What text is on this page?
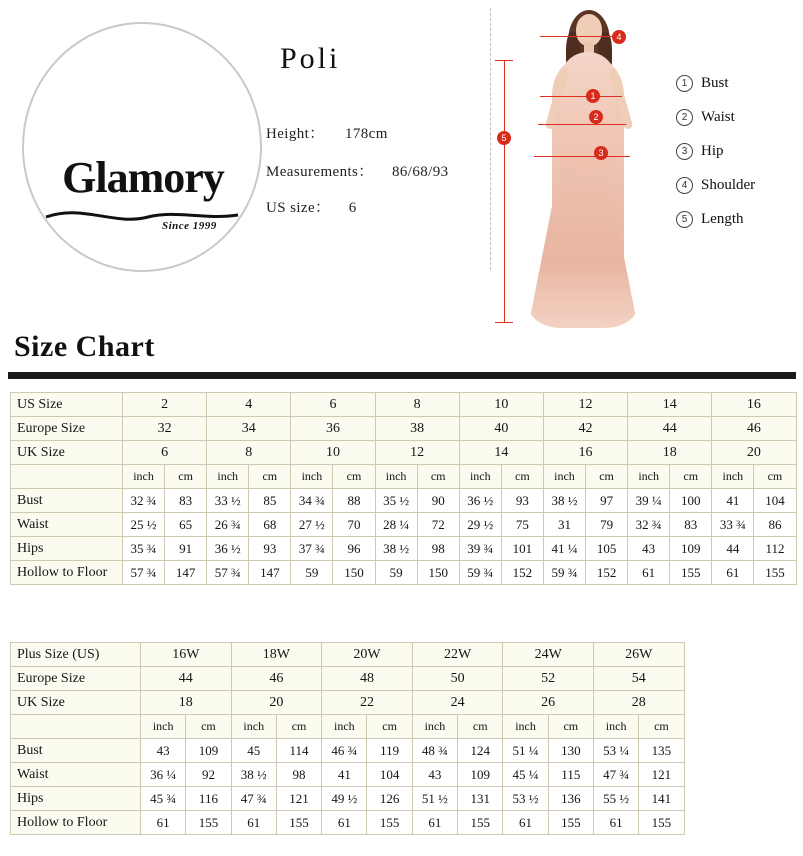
Glamory
Since 1999
Poli
Height： 178cm
Measurements： 86/68/93
US size： 6
4
1
2
3
5
1 Bust
2 Waist
3 Hip
4 Shoulder
5 Length
Size Chart
US Size	2		4		6		8		10		12		14		16	
Europe Size	32		34		36		38		40		42		44		46	
UK Size	6		8		10		12		14		16		18		20	
	inch	cm	inch	cm	inch	cm	inch	cm	inch	cm	inch	cm	inch	cm	inch	cm
Bust	32 ¾	83	33 ½	85	34 ¾	88	35 ½	90	36 ½	93	38 ½	97	39 ¼	100	41	104
Waist	25 ½	65	26 ¾	68	27 ½	70	28 ¼	72	29 ½	75	31	79	32 ¾	83	33 ¾	86
Hips	35 ¾	91	36 ½	93	37 ¾	96	38 ½	98	39 ¾	101	41 ¼	105	43	109	44	112
Hollow to Floor	57 ¾	147	57 ¾	147	59	150	59	150	59 ¾	152	59 ¾	152	61	155	61	155
Plus Size (US)	16W		18W		20W		22W		24W		26W	
Europe Size	44		46		48		50		52		54	
UK Size	18		20		22		24		26		28	
	inch	cm	inch	cm	inch	cm	inch	cm	inch	cm	inch	cm
Bust	43	109	45	114	46 ¾	119	48 ¾	124	51 ¼	130	53 ¼	135
Waist	36 ¼	92	38 ½	98	41	104	43	109	45 ¼	115	47 ¾	121
Hips	45 ¾	116	47 ¾	121	49 ½	126	51 ½	131	53 ½	136	55 ½	141
Hollow to Floor	61	155	61	155	61	155	61	155	61	155	61	155
